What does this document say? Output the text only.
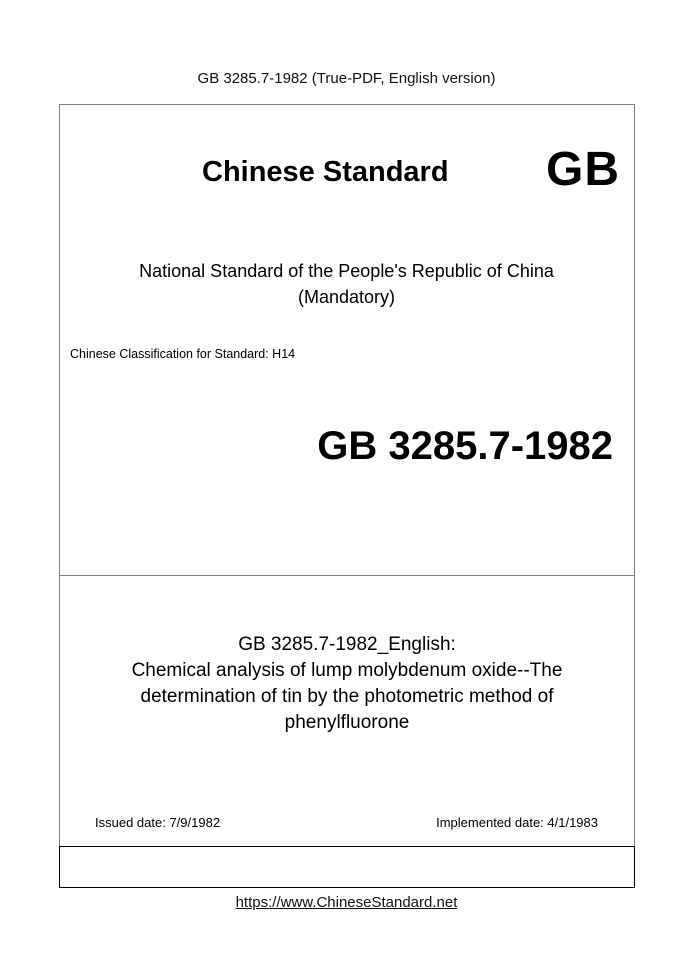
GB 3285.7-1982 (True-PDF, English version)
Chinese Standard GB
National Standard of the People's Republic of China
(Mandatory)
Chinese Classification for Standard: H14
GB 3285.7-1982
GB 3285.7-1982_English:
Chemical analysis of lump molybdenum oxide--The
determination of tin by the photometric method of
phenylfluorone
Issued date: 7/9/1982	Implemented date: 4/1/1983
https://www.ChineseStandard.net
